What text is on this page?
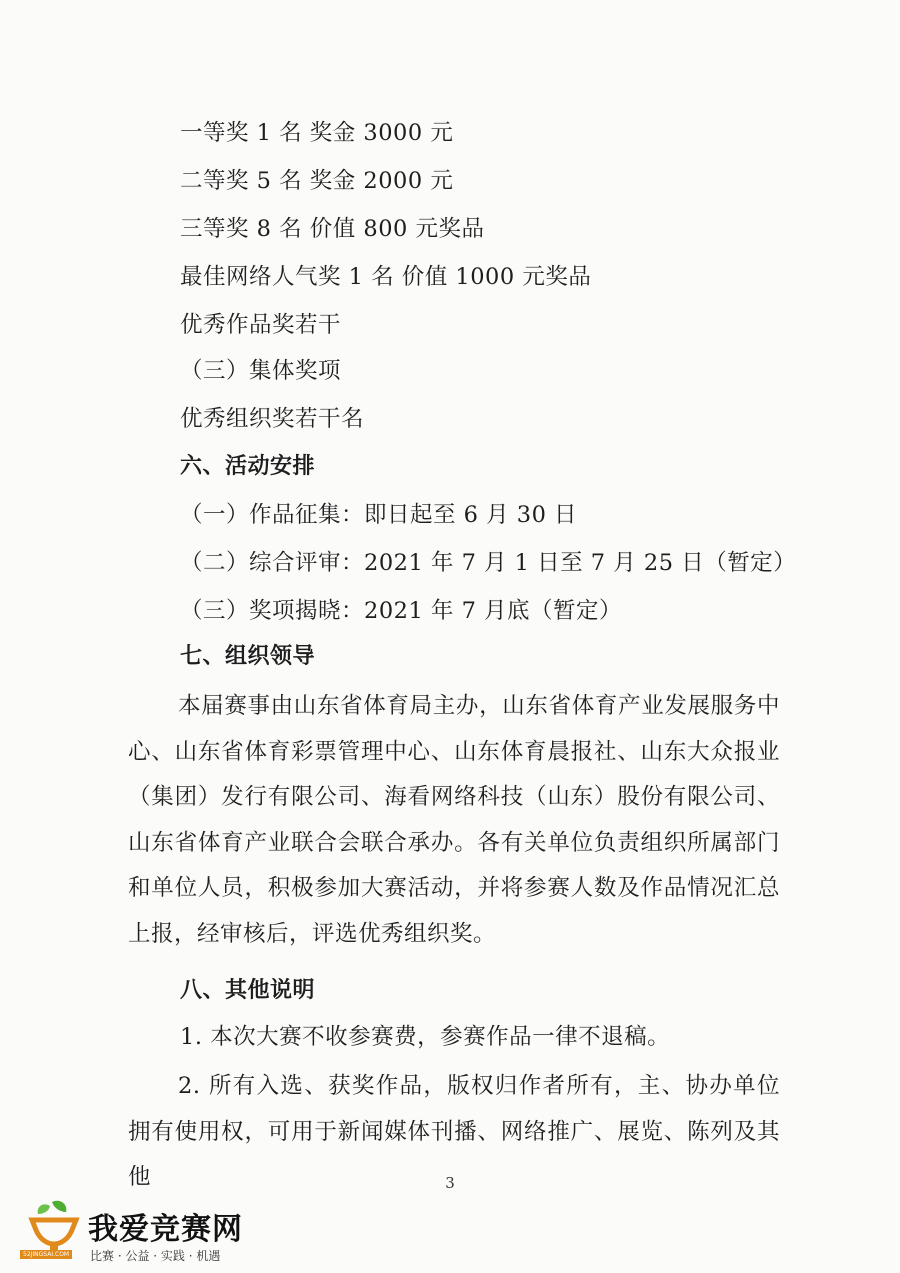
一等奖 1 名 奖金 3000 元
二等奖 5 名 奖金 2000 元
三等奖 8 名 价值 800 元奖品
最佳网络人气奖 1 名 价值 1000 元奖品
优秀作品奖若干
（三）集体奖项
优秀组织奖若干名
六、活动安排
（一）作品征集：即日起至 6 月 30 日
（二）综合评审：2021 年 7 月 1 日至 7 月 25 日（暂定）
（三）奖项揭晓：2021 年 7 月底（暂定）
七、组织领导
本届赛事由山东省体育局主办，山东省体育产业发展服务中心、山东省体育彩票管理中心、山东体育晨报社、山东大众报业（集团）发行有限公司、海看网络科技（山东）股份有限公司、山东省体育产业联合会联合承办。各有关单位负责组织所属部门和单位人员，积极参加大赛活动，并将参赛人数及作品情况汇总上报，经审核后，评选优秀组织奖。
八、其他说明
1. 本次大赛不收参赛费，参赛作品一律不退稿。
2. 所有入选、获奖作品，版权归作者所有，主、协办单位拥有使用权，可用于新闻媒体刊播、网络推广、展览、陈列及其他	3
52JINGSAI.COM
我爱竞赛网
比赛 · 公益 · 实践 · 机遇
